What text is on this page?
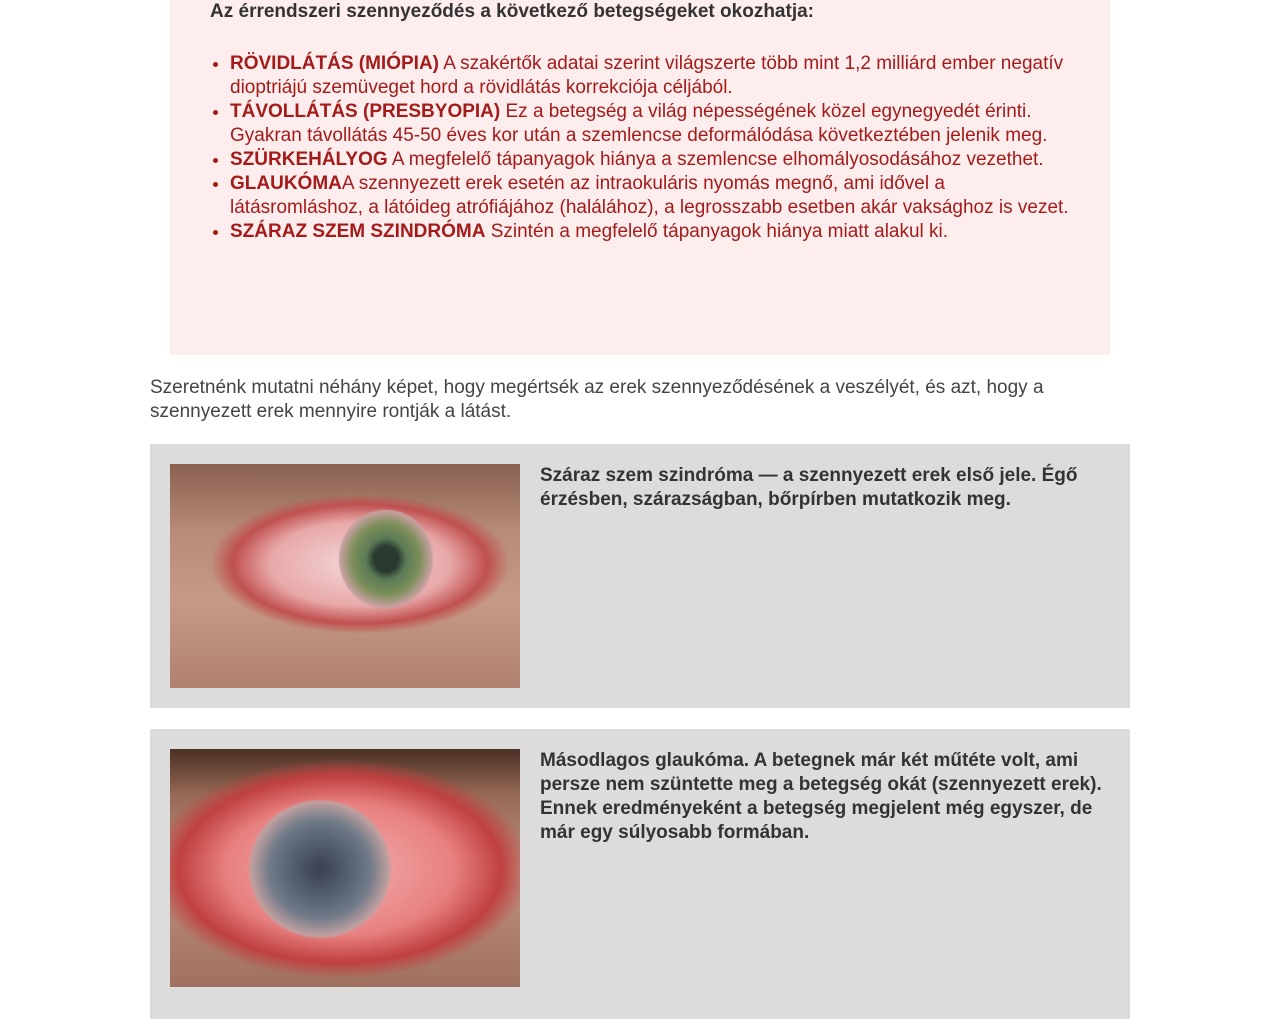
Az érrendszeri szennyeződés a következő betegségeket okozhatja:
• RÖVIDLÁTÁS (MIÓPIA) A szakértők adatai szerint világszerte több mint 1,2 milliárd ember negatív dioptriájú szemüveget hord a rövidlátás korrekciója céljából.
• TÁVOLLÁTÁS (PRESBYOPIA) Ez a betegség a világ népességének közel egynegyedét érinti. Gyakran távollátás 45-50 éves kor után a szemlencse deformálódása következtében jelenik meg.
• SZÜRKEHÁLYOG A megfelelő tápanyagok hiánya a szemlencse elhomályosodásához vezethet.
• GLAUKÓMAA szennyezett erek esetén az intraokuláris nyomás megnő, ami idővel a látásromláshoz, a látóideg atrófiájához (halálához), a legrosszabb esetben akár vaksághoz is vezet.
• SZÁRAZ SZEM SZINDRÓMA Szintén a megfelelő tápanyagok hiánya miatt alakul ki.

Szeretnénk mutatni néhány képet, hogy megértsék az erek szennyeződésének a veszélyét, és azt, hogy a szennyezett erek mennyire rontják a látást.

Száraz szem szindróma — a szennyezett erek első jele. Égő érzésben, szárazságban, bőrpírben mutatkozik meg.

Másodlagos glaukóma. A betegnek már két műtéte volt, ami persze nem szüntette meg a betegség okát (szennyezett erek). Ennek eredményeként a betegség megjelent még egyszer, de már egy súlyosabb formában.
